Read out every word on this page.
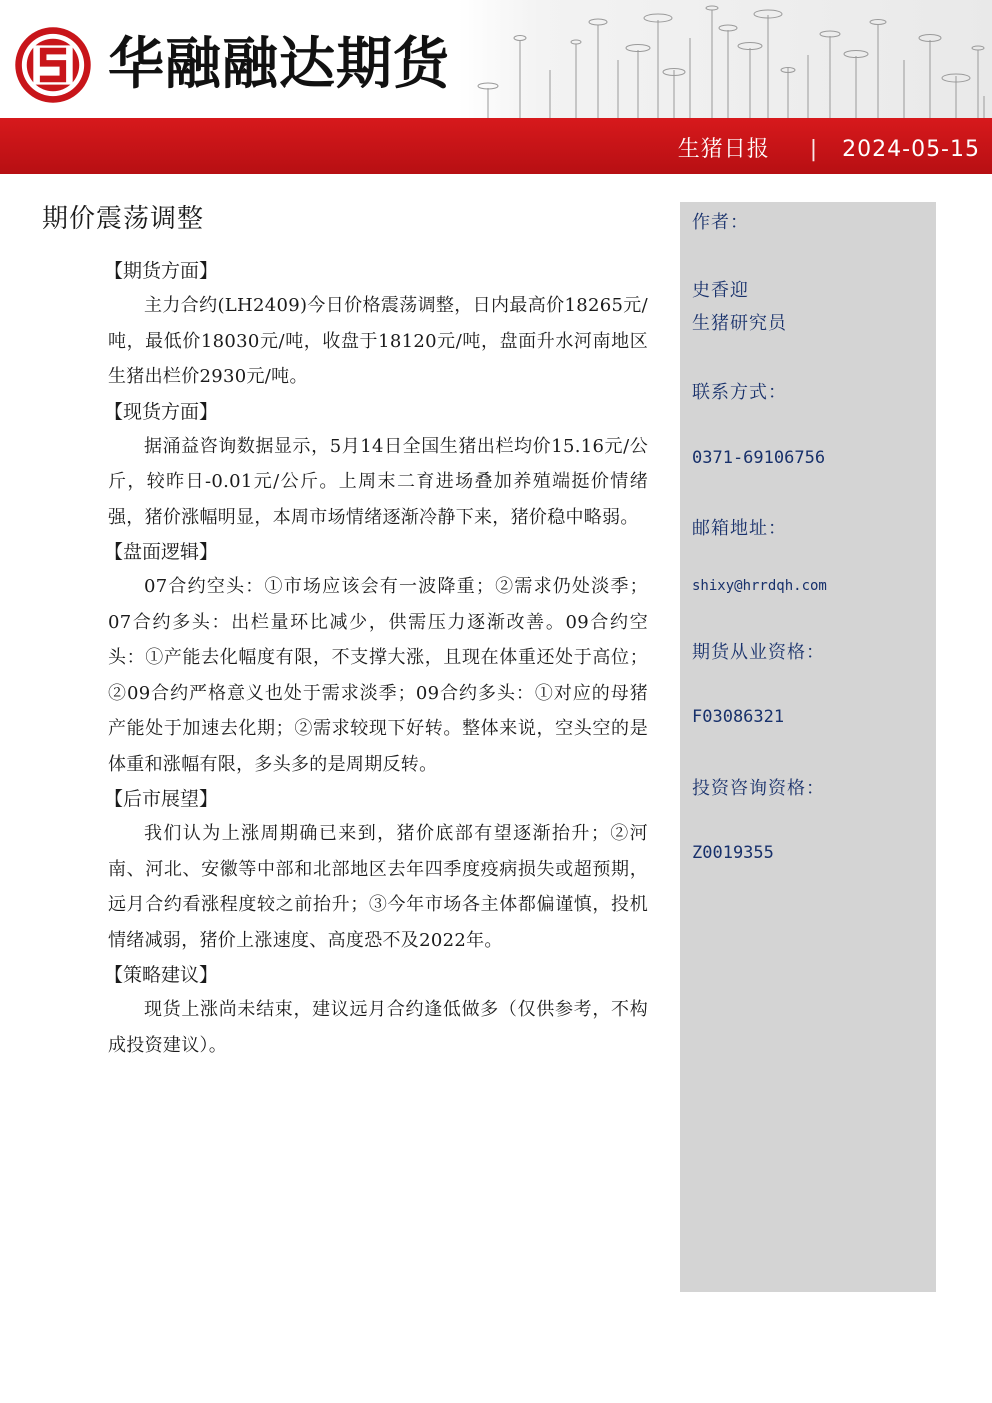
华融融达期货
生猪日报 | 2024-05-15
期价震荡调整
【期货方面】

主力合约(LH2409)今日价格震荡调整，日内最高价18265元/吨，最低价18030元/吨，收盘于18120元/吨，盘面升水河南地区生猪出栏价2930元/吨。

【现货方面】

据涌益咨询数据显示，5月14日全国生猪出栏均价15.16元/公斤，较昨日-0.01元/公斤。上周末二育进场叠加养殖端挺价情绪强，猪价涨幅明显，本周市场情绪逐渐冷静下来，猪价稳中略弱。

【盘面逻辑】

07合约空头：①市场应该会有一波降重；②需求仍处淡季；07合约多头：出栏量环比减少，供需压力逐渐改善。09合约空头：①产能去化幅度有限，不支撑大涨，且现在体重还处于高位；②09合约严格意义也处于需求淡季；09合约多头：①对应的母猪产能处于加速去化期；②需求较现下好转。整体来说，空头空的是体重和涨幅有限，多头多的是周期反转。

【后市展望】

我们认为上涨周期确已来到，猪价底部有望逐渐抬升；②河南、河北、安徽等中部和北部地区去年四季度疫病损失或超预期，远月合约看涨程度较之前抬升；③今年市场各主体都偏谨慎，投机情绪减弱，猪价上涨速度、高度恐不及2022年。

【策略建议】

现货上涨尚未结束，建议远月合约逢低做多（仅供参考，不构成投资建议）。

作者：
史香迎
生猪研究员
联系方式：
0371-69106756
邮箱地址：
shixy@hrrdqh.com
期货从业资格：
F03086321
投资咨询资格：
Z0019355
